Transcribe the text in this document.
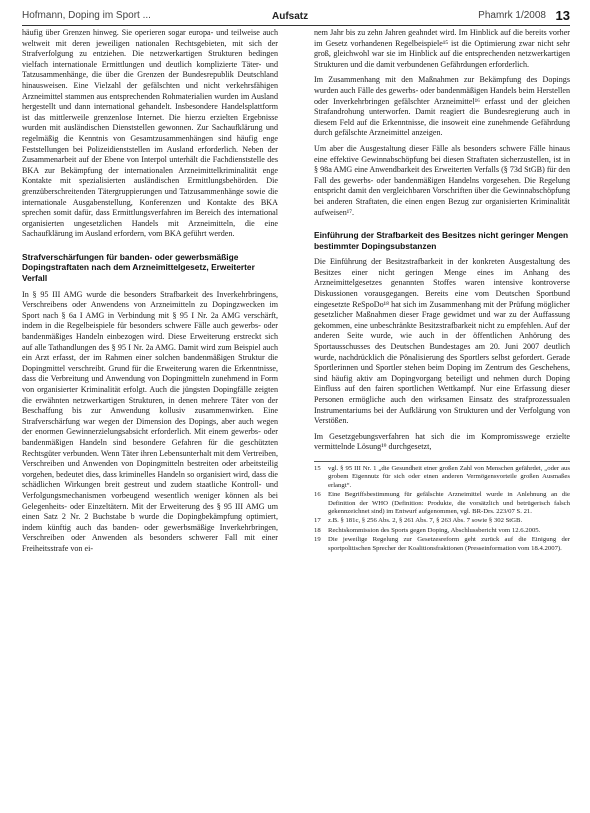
Hofmann, Doping im Sport ...	Aufsatz	Phamrk 1/2008 13

häufig über Grenzen hinweg. Sie operieren sogar europa- und teilweise auch weltweit mit deren jeweiligen nationalen Rechtsgebieten, mit sich der Strafverfolgung zu entziehen. Die netzwerkartigen Strukturen bedingen vielfach internationale Ermittlungen und deutlich komplizierte Täter- und Tatzusammenhänge, die über die Grenzen der Bundesrepublik Deutschland hinausweisen. Eine Vielzahl der gefälschten und nicht verkehrsfähigen Arzneimittel stammen aus entsprechenden Rohmaterialien wurden im Ausland hergestellt und dann international gehandelt. Insbesondere Handelsplattform ist das mittlerweile grenzenlose Internet. Die hierzu erzielten Ergebnisse wurden mit ausländischen Dienststellen gewonnen. Zur Sachaufklärung und regelmäßig die Kenntnis von Gesamtzusammenhängen sind häufig enge Feststellungen bei Polizeidienststellen im Ausland erforderlich. Neben der Zusammenarbeit auf der Ebene von Interpol unterhält die Fachdienststelle des BKA zur Bekämpfung der internationalen Arzneimittelkriminalität enge Kontakte mit spezialisierten ausländischen Ermittlungsbehörden. Die grenzüberschreitenden Tätergruppierungen und Tatzusammenhänge sowie die internationale Ausgabenstellung, Konferenzen und Kontakte des BKA sprechen somit dafür, dass Ermittlungsverfahren im Bereich des international organisierten ungesetzlichen Handels mit Arzneimitteln, die eine Sachaufklärung im Ausland erfordern, vom BKA geführt werden.

Strafverschärfungen für banden- oder gewerbsmäßige Dopingstraftaten nach dem Arzneimittelgesetz, Erweiterter Verfall

In § 95 III AMG wurde die besonders Strafbarkeit des Inverkehrbringens, Verschreibens oder Anwendens von Arzneimitteln zu Dopingzwecken im Sport nach § 6a I AMG in Verbindung mit § 95 I Nr. 2a AMG verschärft, indem in die Regelbeispiele für besonders schwere Fälle auch gewerbs- oder bandenmäßiges Handeln einbezogen wird. Diese Erweiterung erstreckt sich auf alle Tathandlungen des § 95 I Nr. 2a AMG. Damit wird zum Beispiel auch ein Arzt erfasst, der im Rahmen einer solchen bandenmäßigen Struktur die Dopingmittel verschreibt. Grund für die Erweiterung waren die Erkenntnisse, dass die Verbreitung und Anwendung von Dopingmitteln zunehmend in Form von organisierter Kriminalität erfolgt. Auch die jüngsten Dopingfälle zeigten die erwähnten netzwerkartigen Strukturen, in denen mehrere Täter von der Beschaffung bis zur Anwendung kollusiv zusammenwirken. Eine Strafverschärfung war wegen der Dimension des Dopings, aber auch wegen der enormen Gewinnerzielungsabsicht erforderlich. Mit einem gewerbs- oder bandenmäßigen Handeln sind besondere Gefahren für die geschützten Rechtsgüter verbunden. Wenn Täter ihren Lebensunterhalt mit dem Vertreiben, Verschreiben und Anwenden von Dopingmitteln bestreiten oder arbeitsteilig vorgehen, bedeutet dies, dass kriminelles Handeln so organisiert wird, dass die schädlichen Wirkungen breit gestreut und zudem staatliche Kontroll- und Verfolgungsmechanismen vorbeugend wesentlich weniger können als bei Gelegenheits- oder Einzeltätern. Mit der Erweiterung des § 95 III AMG um einen Satz 2 Nr. 2 Buchstabe b wurde die Dopingbekämpfung optimiert, indem künftig auch das banden- oder gewerbsmäßige Inverkehrbringen, Verschreiben oder Anwenden als besonders schwerer Fall mit einer Freiheitsstrafe von ei-

nem Jahr bis zu zehn Jahren geahndet wird. Im Hinblick auf die bereits vorher im Gesetz vorhandenen Regelbeispiele¹⁵ ist die Optimierung zwar nicht sehr groß, gleichwohl war sie im Hinblick auf die entsprechenden netzwerkartigen Strukturen und die damit verbundenen Gefährdungen erforderlich.

Im Zusammenhang mit den Maßnahmen zur Bekämpfung des Dopings wurden auch Fälle des gewerbs- oder bandenmäßigen Handels beim Herstellen oder Inverkehrbringen gefälschter Arzneimittel¹⁶ erfasst und der gleichen Strafandrohung unterworfen. Damit reagiert die Bundesregierung auch in diesem Feld auf die Erkenntnisse, die insoweit eine zunehmende Gefährdung durch gefälschte Arzneimittel anzeigen.

Um aber die Ausgestaltung dieser Fälle als besonders schwere Fälle hinaus eine effektive Gewinnabschöpfung bei diesen Straftaten sicherzustellen, ist in § 98a AMG eine Anwendbarkeit des Erweiterten Verfalls (§ 73d StGB) für den Fall des gewerbs- oder bandenmäßigen Handelns vorgesehen. Die Regelung entspricht damit den vergleichbaren Vorschriften über die Gewinnabschöpfung bei anderen Straftaten, die einen engen Bezug zur organisierten Kriminalität aufweisen¹⁷.

Einführung der Strafbarkeit des Besitzes nicht geringer Mengen bestimmter Dopingsubstanzen

Die Einführung der Besitzstrafbarkeit in der konkreten Ausgestaltung des Besitzes einer nicht geringen Menge eines im Anhang des Arzneimittelgesetzes genannten Stoffes waren intensive kontroverse Diskussionen vorausgegangen. Bereits eine vom Deutschen Sportbund eingesetzte ReSpoDo¹⁸ hat sich im Zusammenhang mit der Prüfung möglicher gesetzlicher Maßnahmen dieser Frage gewidmet und war zu der Auffassung gekommen, eine unbeschränkte Besitzstrafbarkeit nicht zu empfehlen. Auf der anderen Seite wurde, wie auch in der öffentlichen Anhörung des Sportausschusses des Deutschen Bundestages am 20. Juni 2007 deutlich wurde, nachdrücklich die Pönalisierung des Sportlers selbst gefordert. Gerade Sportlerinnen und Sportler stehen beim Doping im Zentrum des Geschehens, sind häufig aktiv am Dopingvorgang beteiligt und nehmen durch Doping Einfluss auf den fairen sportlichen Wettkampf. Nur eine Erfassung dieser Personen ermögliche auch den wirksamen Einsatz des strafprozessualen Instrumentariums bei der Aufklärung von Strukturen und der Verfolgung von Verstößen.

Im Gesetzgebungsverfahren hat sich die im Kompromisswege erzielte vermittelnde Lösung¹⁹ durchgesetzt,

15	vgl. § 95 III Nr. 1 „die Gesundheit einer großen Zahl von Menschen gefährdet, „oder aus grobem Eigennutz für sich oder einen anderen Vermögensvorteile großen Ausmaßes erlangt“.
16	Eine Begriffsbestimmung für gefälschte Arzneimittel wurde in Anlehnung an die Definition der WHO (Definition: Produkte, die vorsätzlich und betrügerisch falsch gekennzeichnet sind) im Entwurf aufgenommen, vgl. BR-Drs. 223/07 S. 21.
17	z.B. § 181c, § 256 Abs. 2, § 261 Abs. 7, § 263 Abs. 7 sowie § 302 StGB.
18	Rechtskommission des Sports gegen Doping, Abschlussbericht vom 12.6.2005.
19	Die jeweilige Regelung zur Gesetzesreform geht zurück auf die Einigung der sportpolitischen Sprecher der Koalitionsfraktionen (Presseinformation vom 18.4.2007).
